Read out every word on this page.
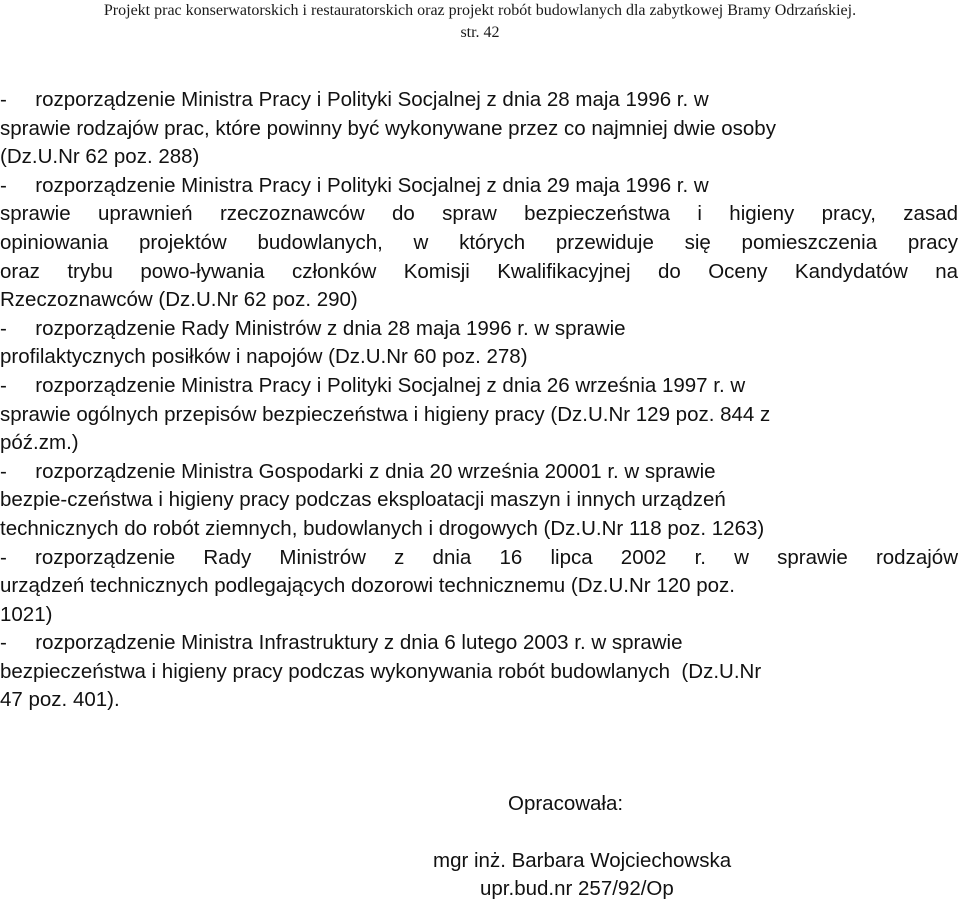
Projekt prac konserwatorskich i restauratorskich oraz projekt robót budowlanych dla zabytkowej Bramy Odrzańskiej.
str. 42
-     rozporządzenie Ministra Pracy i Polityki Socjalnej z dnia 28 maja 1996 r. w
sprawie rodzajów prac, które powinny być wykonywane przez co najmniej dwie osoby
(Dz.U.Nr 62 poz. 288)
-     rozporządzenie Ministra Pracy i Polityki Socjalnej z dnia 29 maja 1996 r. w
sprawie uprawnień rzeczoznawców do spraw bezpieczeństwa i higieny pracy, zasad
opiniowania projektów budowlanych, w których przewiduje się pomieszczenia pracy
oraz trybu powo-ływania członków Komisji Kwalifikacyjnej do Oceny Kandydatów na
Rzeczoznawców (Dz.U.Nr 62 poz. 290)
-     rozporządzenie Rady Ministrów z dnia 28 maja 1996 r. w sprawie
profilaktycznych posiłków i napojów (Dz.U.Nr 60 poz. 278)
-     rozporządzenie Ministra Pracy i Polityki Socjalnej z dnia 26 września 1997 r. w
sprawie ogólnych przepisów bezpieczeństwa i higieny pracy (Dz.U.Nr 129 poz. 844 z
póź.zm.)
-     rozporządzenie Ministra Gospodarki z dnia 20 września 20001 r. w sprawie
bezpie-czeństwa i higieny pracy podczas eksploatacji maszyn i innych urządzeń
technicznych do robót ziemnych, budowlanych i drogowych (Dz.U.Nr 118 poz. 1263)
- rozporządzenie Rady Ministrów z dnia 16 lipca 2002 r. w sprawie rodzajów
urządzeń technicznych podlegających dozorowi technicznemu (Dz.U.Nr 120 poz.
1021)
-     rozporządzenie Ministra Infrastruktury z dnia 6 lutego 2003 r. w sprawie
bezpieczeństwa i higieny pracy podczas wykonywania robót budowlanych  (Dz.U.Nr
47 poz. 401).
Opracowała:
mgr inż. Barbara Wojciechowska
upr.bud.nr 257/92/Op
